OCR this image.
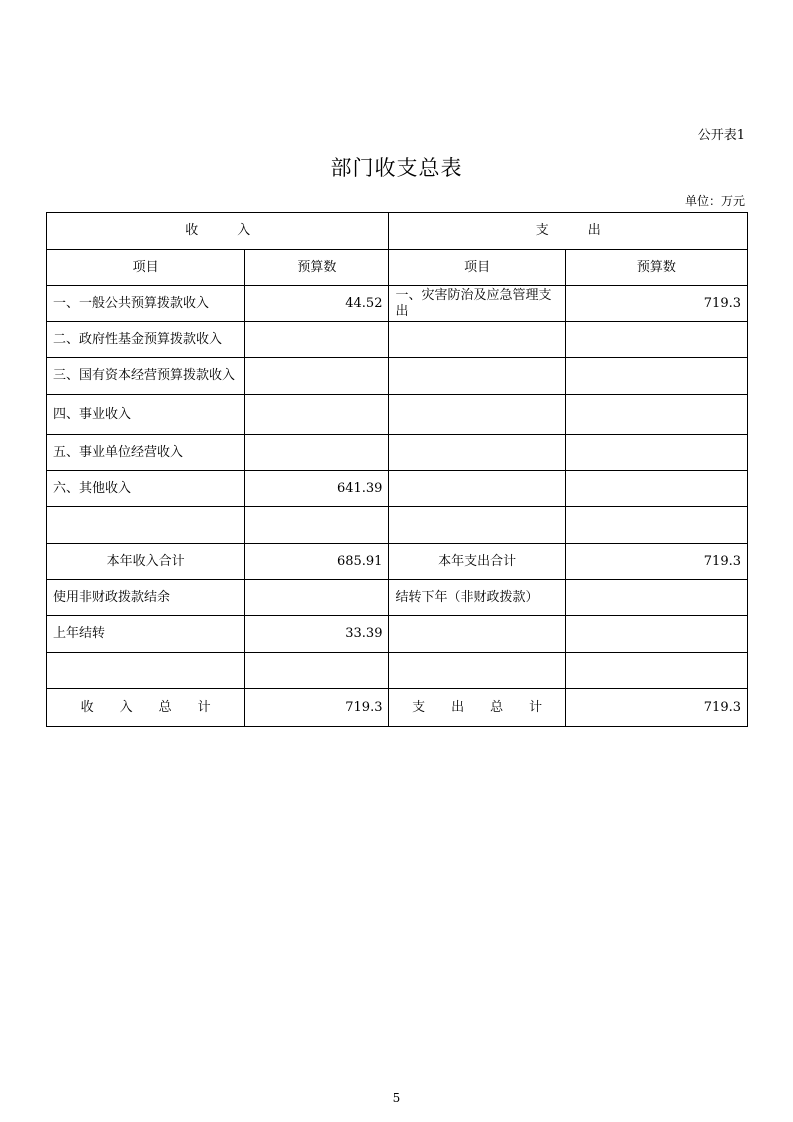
公开表1
部门收支总表
单位：万元
收　　　入		支　　　出	
项目	预算数	项目	预算数
一、一般公共预算拨款收入	44.52	一、灾害防治及应急管理支出	719.3
二、政府性基金预算拨款收入			
三、国有资本经营预算拨款收入			
四、事业收入			
五、事业单位经营收入			
六、其他收入	641.39		

本年收入合计	685.91	本年支出合计	719.3
使用非财政拨款结余		结转下年（非财政拨款）	
上年结转	33.39		

收　　入　　总　　计	719.3	支　　出　　总　　计	719.3
5
